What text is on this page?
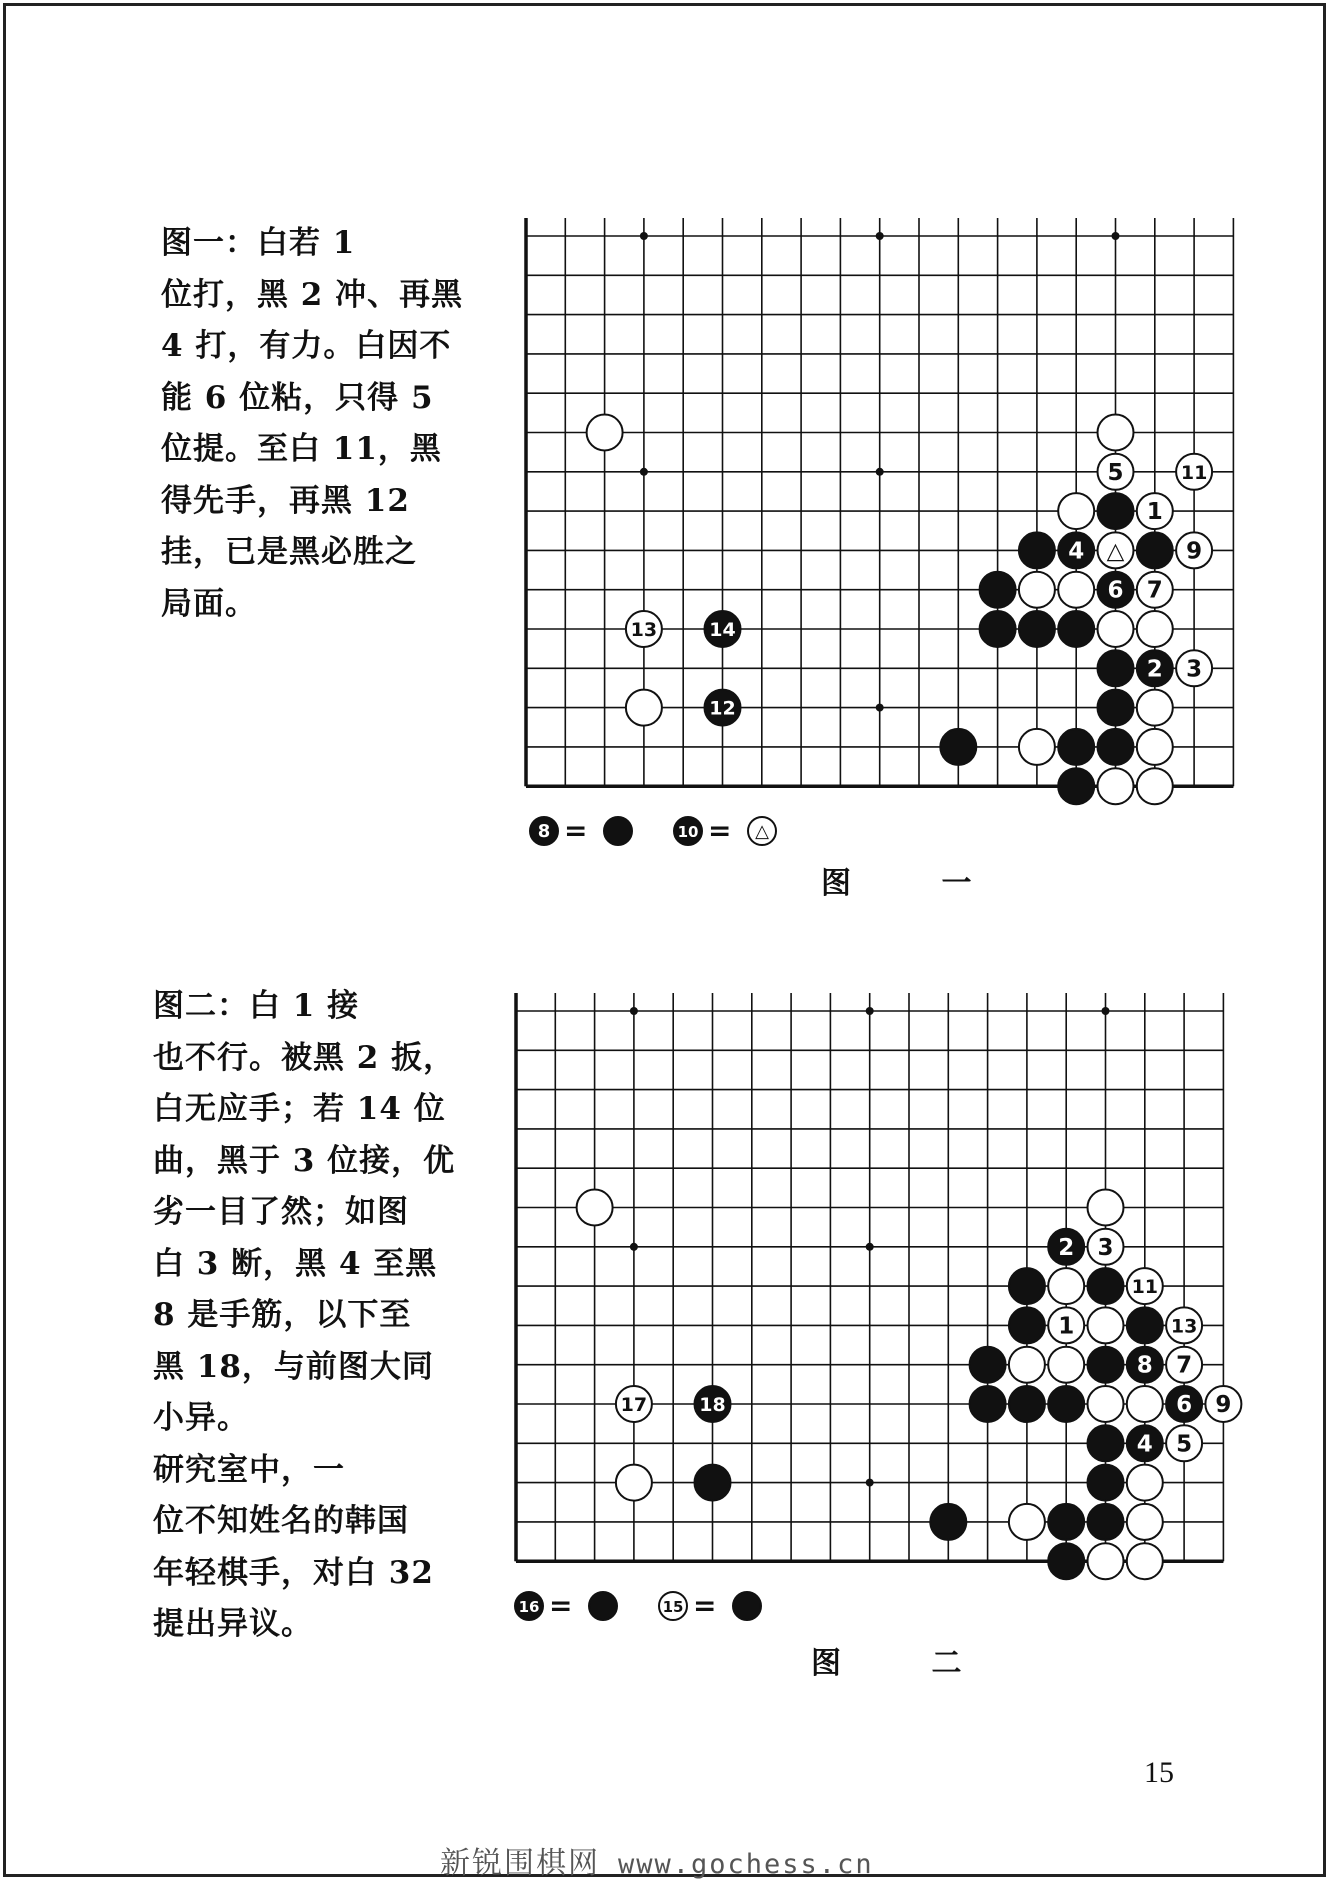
图一：白若 1
位打，黑 2 冲、再黑
4 打，有力。白因不
能 6 位粘，只得 5
位提。至白 11，黑
得先手，再黑 12
挂，已是黑必胜之
局面。

5	11
1
4 △	9
6 7
13	14
2 3
12
8 =	10 = △
图 一

图二：白 1 接
也不行。被黑 2 扳，
白无应手；若 14 位
曲，黑于 3 位接，优
劣一目了然；如图
白 3 断，黑 4 至黑
8 是手筋，以下至
黑 18，与前图大同
小异。

研究室中，一
位不知姓名的韩国
年轻棋手，对白 32
提出异议。

2 3
11
1	13
8 7
6 9
17	18
4 5
16 =	15 =
图 二
15
新锐围棋网 www.gochess.cn
